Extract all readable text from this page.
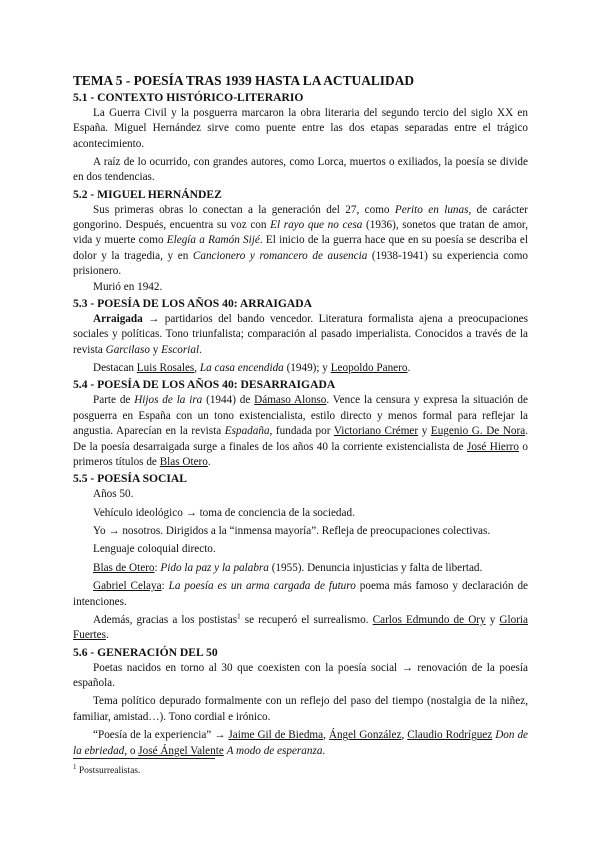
TEMA 5 - POESÍA TRAS 1939 HASTA LA ACTUALIDAD
5.1 - CONTEXTO HISTÓRICO-LITERARIO

La Guerra Civil y la posguerra marcaron la obra literaria del segundo tercio del siglo XX en España. Miguel Hernández sirve como puente entre las dos etapas separadas entre el trágico acontecimiento.

A raíz de lo ocurrido, con grandes autores, como Lorca, muertos o exiliados, la poesía se divide en dos tendencias.

5.2 - MIGUEL HERNÁNDEZ

Sus primeras obras lo conectan a la generación del 27, como Perito en lunas, de carácter gongorino. Después, encuentra su voz con El rayo que no cesa (1936), sonetos que tratan de amor, vida y muerte como Elegía a Ramón Sijé. El inicio de la guerra hace que en su poesía se describa el dolor y la tragedia, y en Cancionero y romancero de ausencia (1938-1941) su experiencia como prisionero.

Murió en 1942.

5.3 - POESÍA DE LOS AÑOS 40: ARRAIGADA

Arraigada → partidarios del bando vencedor. Literatura formalista ajena a preocupaciones sociales y políticas. Tono triunfalista; comparación al pasado imperialista. Conocidos a través de la revista Garcilaso y Escorial.

Destacan Luis Rosales, La casa encendida (1949); y Leopoldo Panero.

5.4 - POESÍA DE LOS AÑOS 40: DESARRAIGADA

Parte de Hijos de la ira (1944) de Dámaso Alonso. Vence la censura y expresa la situación de posguerra en España con un tono existencialista, estilo directo y menos formal para reflejar la angustia. Aparecían en la revista Espadaña, fundada por Victoriano Crémer y Eugenio G. De Nora. De la poesía desarraigada surge a finales de los años 40 la corriente existencialista de José Hierro o primeros títulos de Blas Otero.

5.5 - POESÍA SOCIAL

Años 50.

Vehículo ideológico → toma de conciencia de la sociedad.

Yo → nosotros. Dirigidos a la “inmensa mayoría”. Refleja de preocupaciones colectivas.

Lenguaje coloquial directo.

Blas de Otero: Pido la paz y la palabra (1955). Denuncia injusticias y falta de libertad.

Gabriel Celaya: La poesía es un arma cargada de futuro poema más famoso y declaración de intenciones.

Además, gracias a los postistas$^1$ se recuperó el surrealismo. Carlos Edmundo de Ory y Gloria Fuertes.

5.6 - GENERACIÓN DEL 50

Poetas nacidos en torno al 30 que coexisten con la poesía social → renovación de la poesía española.

Tema político depurado formalmente con un reflejo del paso del tiempo (nostalgia de la niñez, familiar, amistad…). Tono cordial e irónico.

“Poesía de la experiencia” → Jaime Gil de Biedma, Ángel González, Claudio Rodríguez Don de la ebriedad, o José Ángel Valente A modo de esperanza.

$^1$ Postsurrealistas.
